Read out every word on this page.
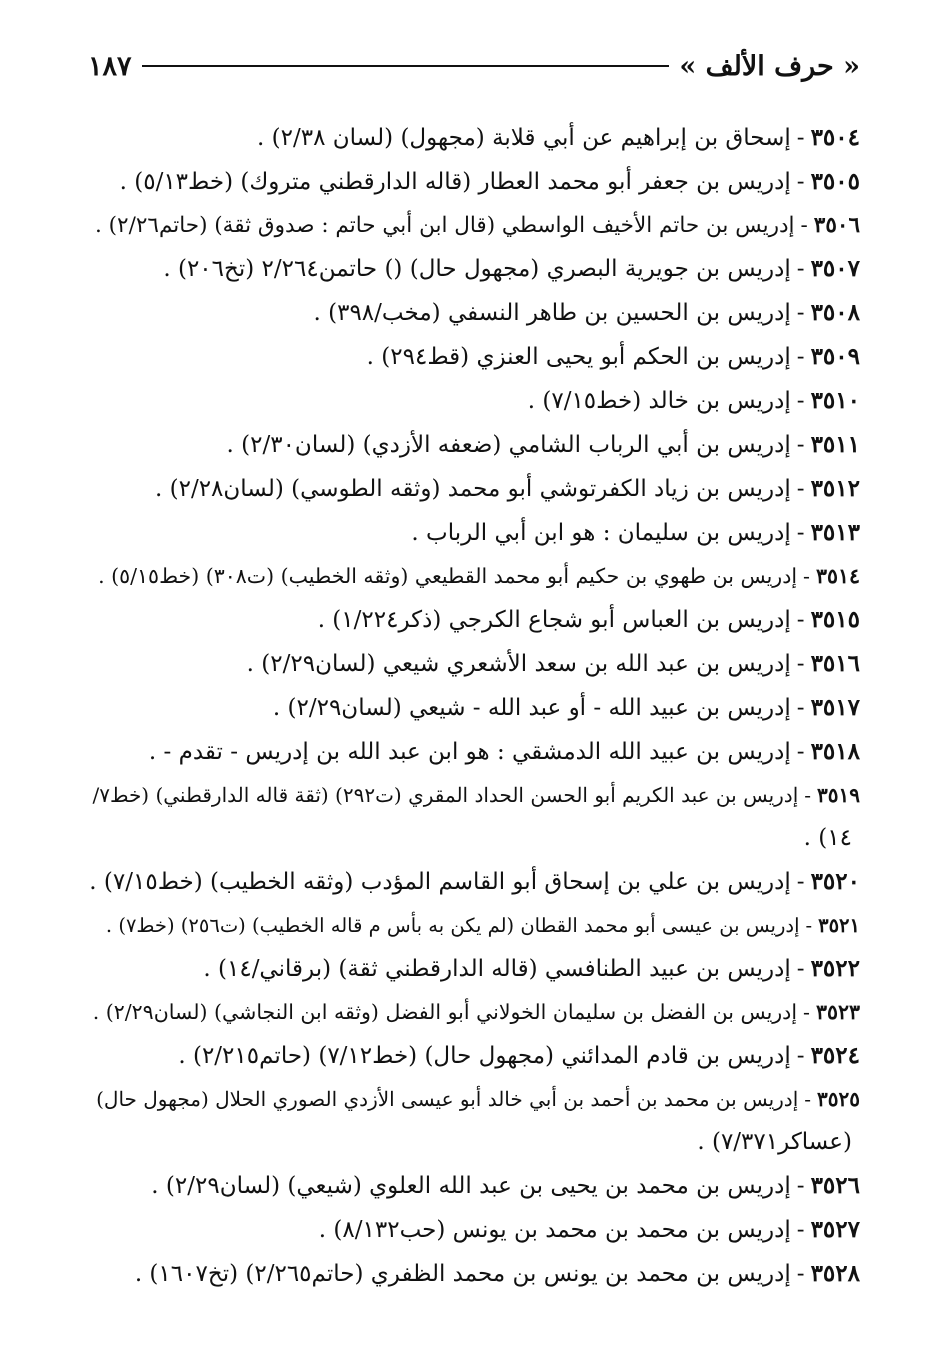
« حرف الألف »
١٨٧
٣٥٠٤-إسحاق بن إبراهيم عن أبي قلابة (مجهول) (لسان ٢/٣٨) .
٣٥٠٥-إدريس بن جعفر أبو محمد العطار (قاله الدارقطني متروك) (خط٥/١٣) .
٣٥٠٦-إدريس بن حاتم الأخيف الواسطي (قال ابن أبي حاتم : صدوق ثقة) (حاتم٢/٢٦) .
٣٥٠٧-إدريس بن جويرية البصري (مجهول حال) () حاتمن٢/٢٦٤ (تخ٢٠٦) .
٣٥٠٨-إدريس بن الحسين بن طاهر النسفي (مخب/٣٩٨) .
٣٥٠٩-إدريس بن الحكم أبو يحيى العنزي (قط٢٩٤) .
٣٥١٠-إدريس بن خالد (خط٧/١٥) .
٣٥١١-إدريس بن أبي الرباب الشامي (ضعفه الأزدي) (لسان٢/٣٠) .
٣٥١٢-إدريس بن زياد الكفرتوشي أبو محمد (وثقه الطوسي) (لسان٢/٢٨) .
٣٥١٣-إدريس بن سليمان : هو ابن أبي الرباب .
٣٥١٤-إدريس بن طهوي بن حكيم أبو محمد القطيعي (وثقه الخطيب) (ت٣٠٨) (خط٥/١٥) .
٣٥١٥-إدريس بن العباس أبو شجاع الكرجي (ذكر١/٢٢٤) .
٣٥١٦-إدريس بن عبد الله بن سعد الأشعري شيعي (لسان٢/٢٩) .
٣٥١٧-إدريس بن عبيد الله - أو عبد الله - شيعي (لسان٢/٢٩) .
٣٥١٨-إدريس بن عبيد الله الدمشقي : هو ابن عبد الله بن إدريس - تقدم - .
٣٥١٩-إدريس بن عبد الكريم أبو الحسن الحداد المقري (ت٢٩٢) (ثقة قاله الدارقطني) (خط٧/
١٤) .
٣٥٢٠-إدريس بن علي بن إسحاق أبو القاسم المؤدب (وثقه الخطيب) (خط٧/١٥) .
٣٥٢١-إدريس بن عيسى أبو محمد القطان (لم يكن به بأس م قاله الخطيب) (ت٢٥٦) (خط٧) .
٣٥٢٢-إدريس بن عبيد الطنافسي (قاله الدارقطني ثقة) (برقاني/١٤) .
٣٥٢٣-إدريس بن الفضل بن سليمان الخولاني أبو الفضل (وثقه ابن النجاشي) (لسان٢/٢٩) .
٣٥٢٤-إدريس بن قادم المدائني (مجهول حال) (خط٧/١٢) (حاتم٢/٢١٥) .
٣٥٢٥-إدريس بن محمد بن أحمد بن أبي خالد أبو عيسى الأزدي الصوري الحلال (مجهول حال)
(عساكر٧/٣٧١) .
٣٥٢٦-إدريس بن محمد بن يحيى بن عبد الله العلوي (شيعي) (لسان٢/٢٩) .
٣٥٢٧-إدريس بن محمد بن محمد بن يونس (حب٨/١٣٢) .
٣٥٢٨-إدريس بن محمد بن يونس بن محمد الظفري (حاتم٢/٢٦٥) (تخ١٦٠٧) .
